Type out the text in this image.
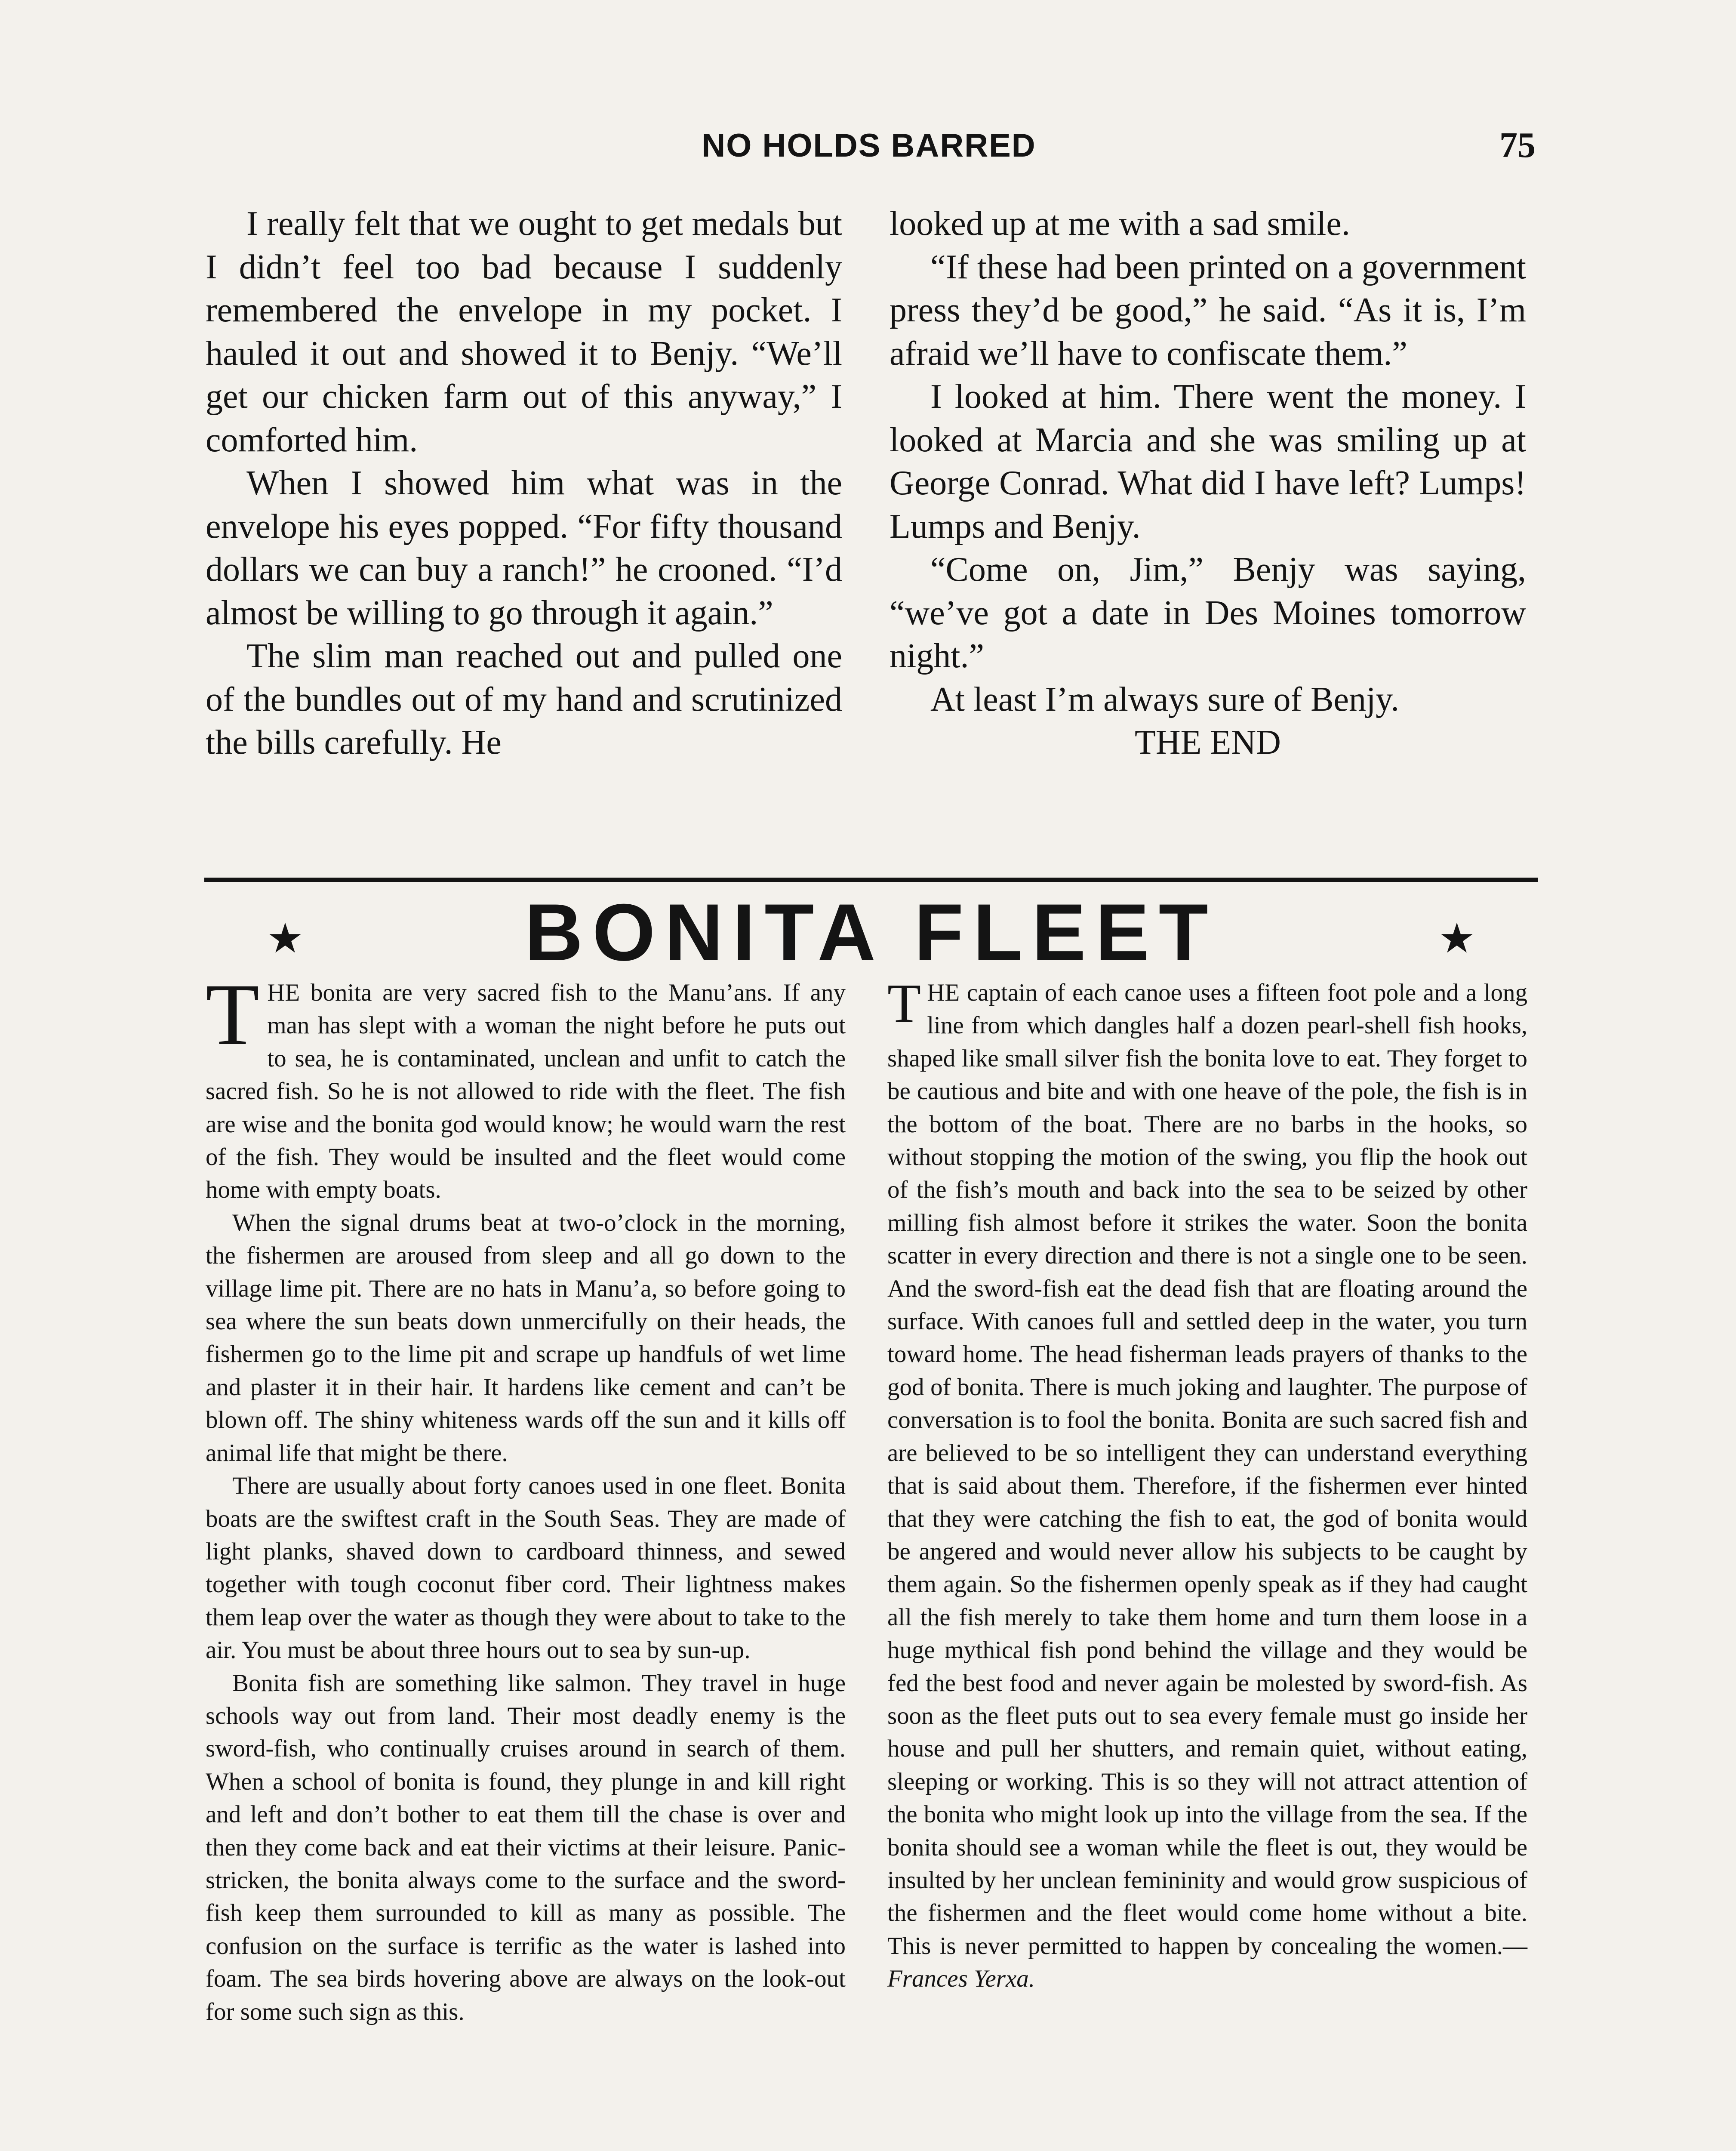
NO HOLDS BARRED	75

I really felt that we ought to get medals but I didn’t feel too bad because I suddenly remembered the envelope in my pocket. I hauled it out and showed it to Benjy. “We’ll get our chicken farm out of this anyway,” I comforted him.

When I showed him what was in the envelope his eyes popped. “For fifty thousand dollars we can buy a ranch!” he crooned. “I’d almost be willing to go through it again.”

The slim man reached out and pulled one of the bundles out of my hand and scrutinized the bills carefully. He

looked up at me with a sad smile.

“If these had been printed on a government press they’d be good,” he said. “As it is, I’m afraid we’ll have to confiscate them.”

I looked at him. There went the money. I looked at Marcia and she was smiling up at George Conrad. What did I have left? Lumps! Lumps and Benjy.

“Come on, Jim,” Benjy was saying, “we’ve got a date in Des Moines tomorrow night.”

At least I’m always sure of Benjy.

THE END

★	BONITA FLEET	★

THE bonita are very sacred fish to the Manu’ans. If any man has slept with a woman the night before he puts out to sea, he is contaminated, unclean and unfit to catch the sacred fish. So he is not allowed to ride with the fleet. The fish are wise and the bonita god would know; he would warn the rest of the fish. They would be insulted and the fleet would come home with empty boats.

When the signal drums beat at two-o’clock in the morning, the fishermen are aroused from sleep and all go down to the village lime pit. There are no hats in Manu’a, so before going to sea where the sun beats down unmercifully on their heads, the fishermen go to the lime pit and scrape up handfuls of wet lime and plaster it in their hair. It hardens like cement and can’t be blown off. The shiny whiteness wards off the sun and it kills off animal life that might be there.

There are usually about forty canoes used in one fleet. Bonita boats are the swiftest craft in the South Seas. They are made of light planks, shaved down to cardboard thinness, and sewed together with tough coconut fiber cord. Their lightness makes them leap over the water as though they were about to take to the air. You must be about three hours out to sea by sun-up.

Bonita fish are something like salmon. They travel in huge schools way out from land. Their most deadly enemy is the sword-fish, who continually cruises around in search of them. When a school of bonita is found, they plunge in and kill right and left and don’t bother to eat them till the chase is over and then they come back and eat their victims at their leisure. Panic-stricken, the bonita always come to the surface and the sword-fish keep them surrounded to kill as many as possible. The confusion on the surface is terrific as the water is lashed into foam. The sea birds hovering above are always on the look-out for some such sign as this.

THE captain of each canoe uses a fifteen foot pole and a long line from which dangles half a dozen pearl-shell fish hooks, shaped like small silver fish the bonita love to eat. They forget to be cautious and bite and with one heave of the pole, the fish is in the bottom of the boat. There are no barbs in the hooks, so without stopping the motion of the swing, you flip the hook out of the fish’s mouth and back into the sea to be seized by other milling fish almost before it strikes the water. Soon the bonita scatter in every direction and there is not a single one to be seen. And the sword-fish eat the dead fish that are floating around the surface. With canoes full and settled deep in the water, you turn toward home. The head fisherman leads prayers of thanks to the god of bonita. There is much joking and laughter. The purpose of conversation is to fool the bonita. Bonita are such sacred fish and are believed to be so intelligent they can understand everything that is said about them. Therefore, if the fishermen ever hinted that they were catching the fish to eat, the god of bonita would be angered and would never allow his subjects to be caught by them again. So the fishermen openly speak as if they had caught all the fish merely to take them home and turn them loose in a huge mythical fish pond behind the village and they would be fed the best food and never again be molested by sword-fish. As soon as the fleet puts out to sea every female must go inside her house and pull her shutters, and remain quiet, without eating, sleeping or working. This is so they will not attract attention of the bonita who might look up into the village from the sea. If the bonita should see a woman while the fleet is out, they would be insulted by her unclean femininity and would grow suspicious of the fishermen and the fleet would come home without a bite. This is never permitted to happen by concealing the women.—Frances Yerxa.
